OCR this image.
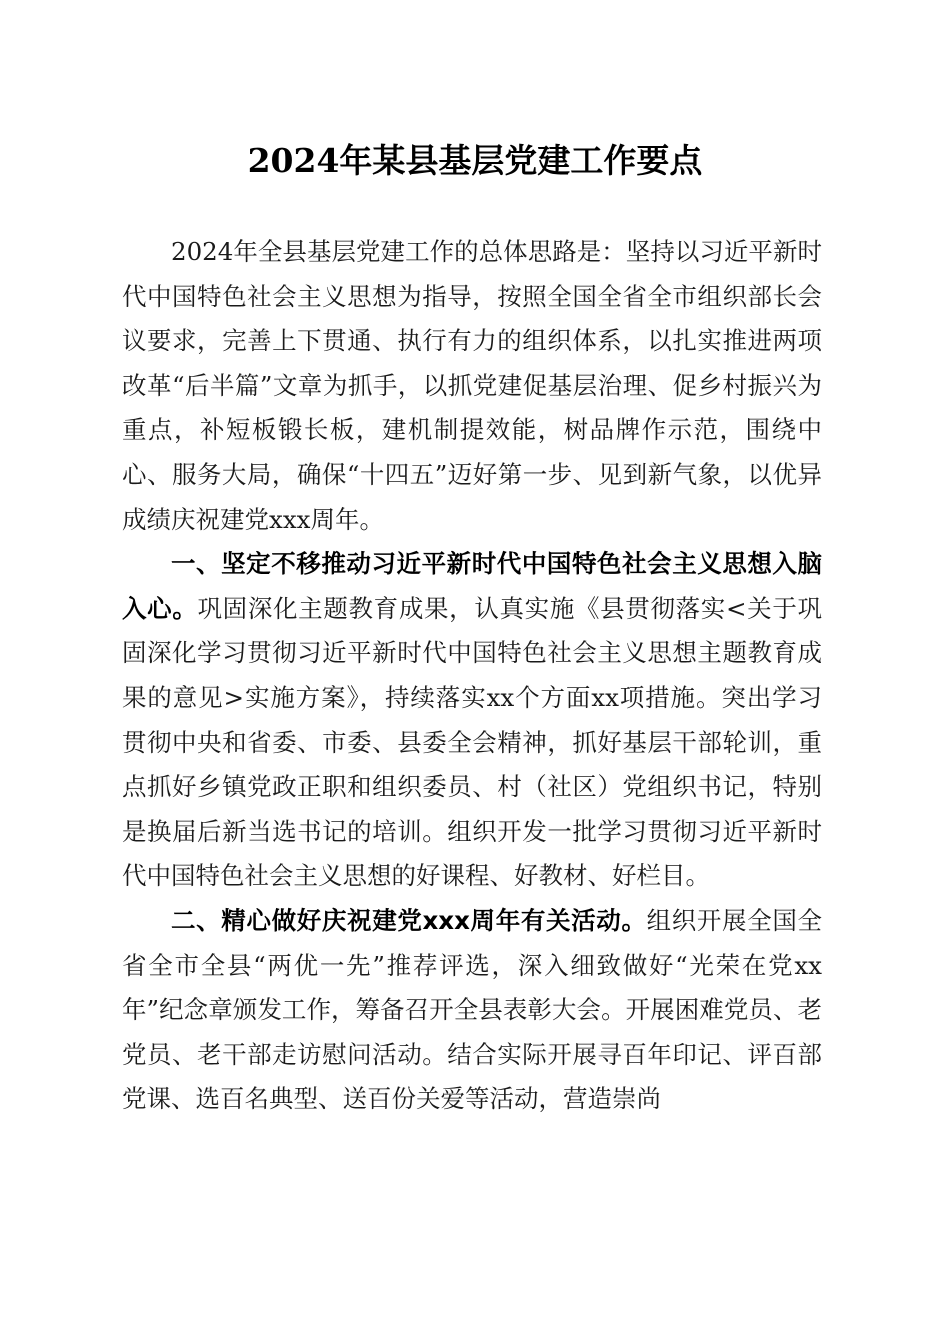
2024年某县基层党建工作要点

2024年全县基层党建工作的总体思路是：坚持以习近平新时代中国特色社会主义思想为指导，按照全国全省全市组织部长会议要求，完善上下贯通、执行有力的组织体系，以扎实推进两项改革“后半篇”文章为抓手，以抓党建促基层治理、促乡村振兴为重点，补短板锻长板，建机制提效能，树品牌作示范，围绕中心、服务大局，确保“十四五”迈好第一步、见到新气象，以优异成绩庆祝建党xxx周年。

一、坚定不移推动习近平新时代中国特色社会主义思想入脑入心。巩固深化主题教育成果，认真实施《县贯彻落实<关于巩固深化学习贯彻习近平新时代中国特色社会主义思想主题教育成果的意见>实施方案》，持续落实xx个方面xx项措施。突出学习贯彻中央和省委、市委、县委全会精神，抓好基层干部轮训，重点抓好乡镇党政正职和组织委员、村（社区）党组织书记，特别是换届后新当选书记的培训。组织开发一批学习贯彻习近平新时代中国特色社会主义思想的好课程、好教材、好栏目。

二、精心做好庆祝建党xxx周年有关活动。组织开展全国全省全市全县“两优一先”推荐评选，深入细致做好“光荣在党xx年”纪念章颁发工作，筹备召开全县表彰大会。开展困难党员、老党员、老干部走访慰问活动。结合实际开展寻百年印记、评百部党课、选百名典型、送百份关爱等活动，营造崇尚
